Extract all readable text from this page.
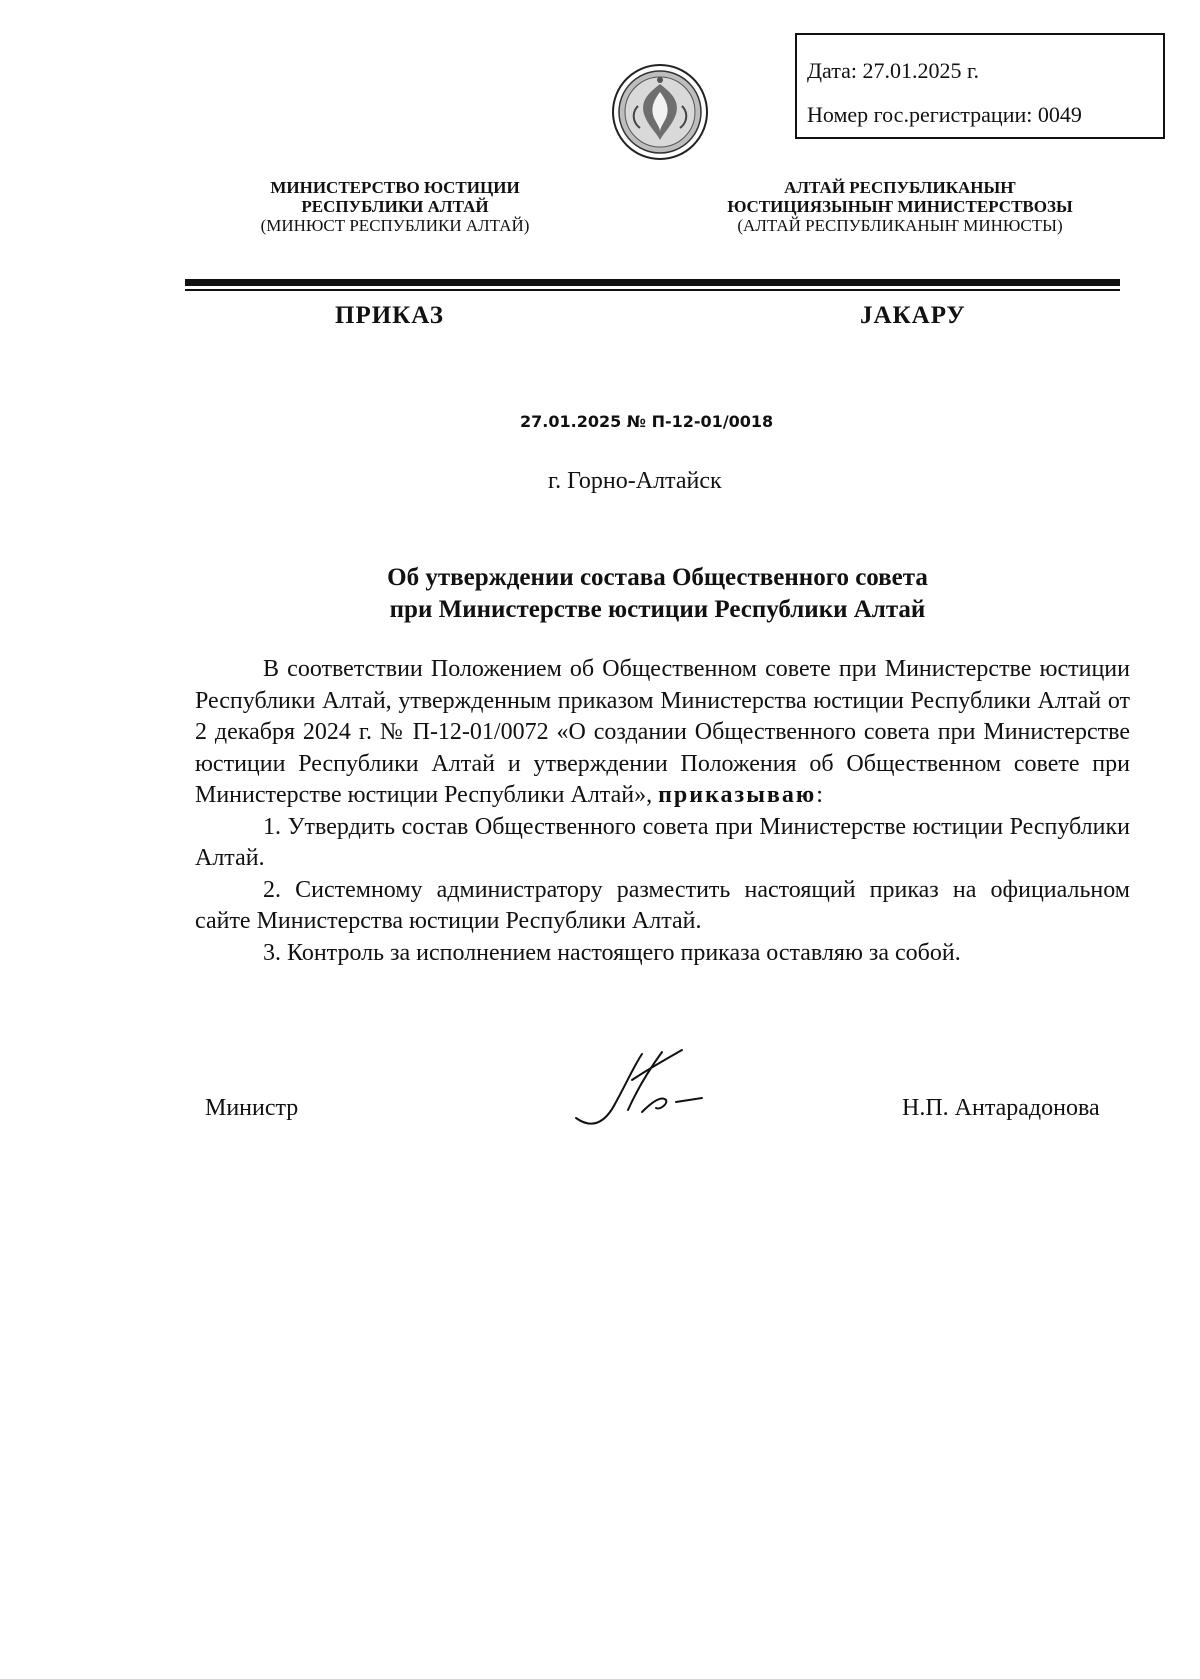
Дата: 27.01.2025 г.
Номер гос.регистрации: 0049
МИНИСТЕРСТВО ЮСТИЦИИ
РЕСПУБЛИКИ АЛТАЙ
(МИНЮСТ РЕСПУБЛИКИ АЛТАЙ)
АЛТАЙ РЕСПУБЛИКАНЫҤ
ЮСТИЦИЯЗЫНЫҤ МИНИСТЕРСТВОЗЫ
(АЛТАЙ РЕСПУБЛИКАНЫҤ МИНЮСТЫ)
ПРИКАЗ	JАКАРУ
27.01.2025 № П-12-01/0018
г. Горно-Алтайск
Об утверждении состава Общественного совета
при Министерстве юстиции Республики Алтай

В соответствии Положением об Общественном совете при Министерстве юстиции Республики Алтай, утвержденным приказом Министерства юстиции Республики Алтай от 2 декабря 2024 г. № П-12-01/0072 «О создании Общественного совета при Министерстве юстиции Республики Алтай и утверждении Положения об Общественном совете при Министерстве юстиции Республики Алтай», приказываю:

1. Утвердить состав Общественного совета при Министерстве юстиции Республики Алтай.

2. Системному администратору разместить настоящий приказ на официальном сайте Министерства юстиции Республики Алтай.

3. Контроль за исполнением настоящего приказа оставляю за собой.

Министр	Н.П. Антарадонова
